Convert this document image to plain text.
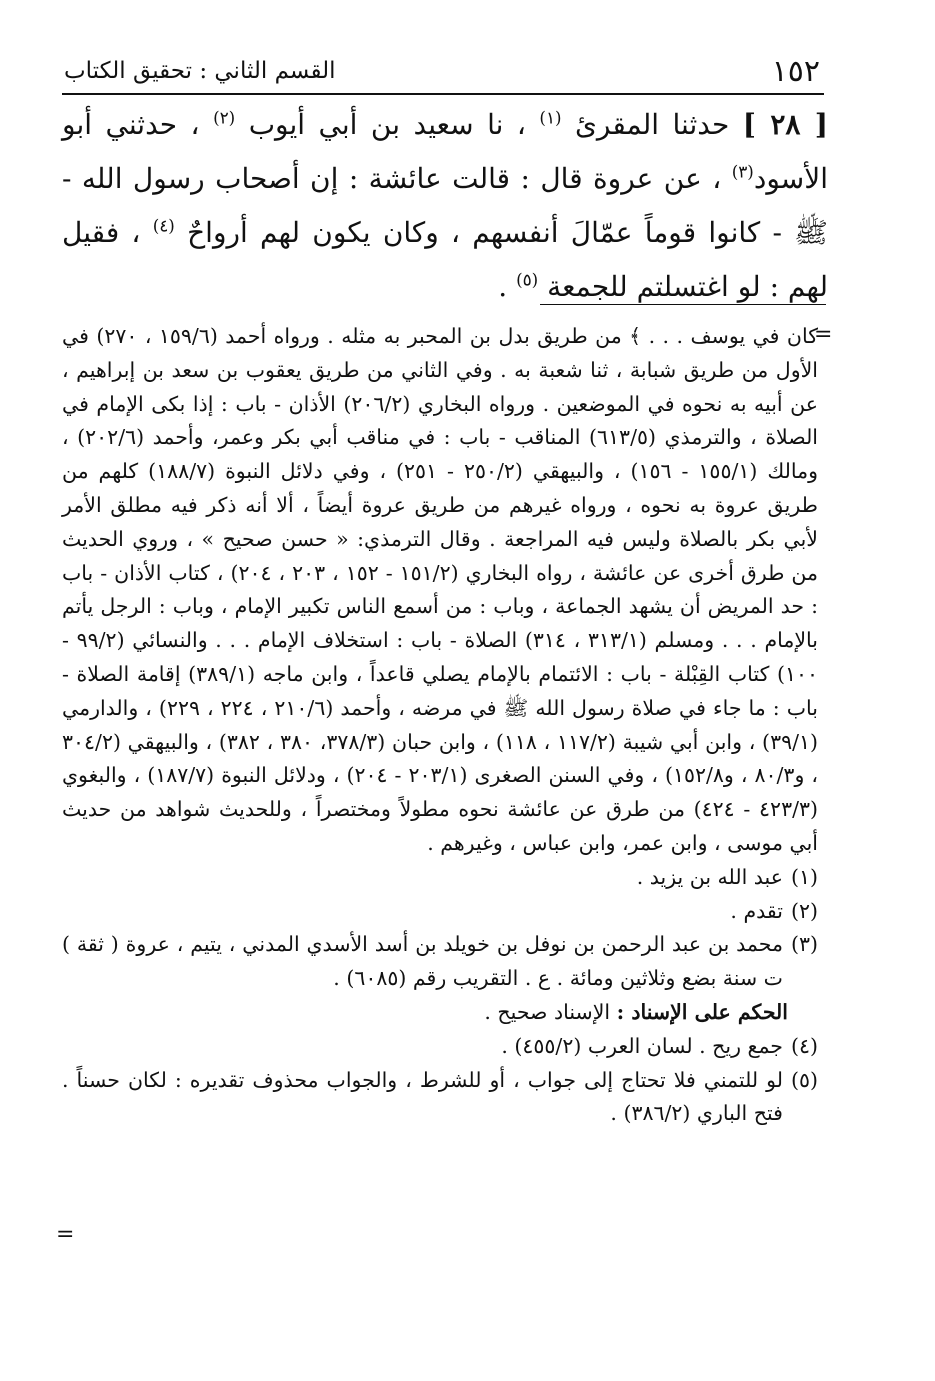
١٥٢
القسم الثاني : تحقيق الكتاب
[ ٢٨ ] حدثنا المقرئ $^{(١)}$ ، نا سعيد بن أبي أيوب $^{(٢)}$ ، حدثني أبو الأسود$^{(٣)}$ ، عن عروة قال : قالت عائشة : إن أصحاب رسول الله - ﷺ - كانوا قوماً عمّالَ أنفسهم ، وكان يكون لهم أرواحٌ $^{(٤)}$ ، فقيل لهم : لو اغتسلتم للجمعة $^{(٥)}$ .
=

كان في يوسف . . . ﴾ من طريق بدل بن المحبر به مثله . ورواه أحمد (١٥٩/٦ ، ٢٧٠) في الأول من طريق شبابة ، ثنا شعبة به . وفي الثاني من طريق يعقوب بن سعد بن إبراهيم ، عن أبيه به نحوه في الموضعين . ورواه البخاري (٢٠٦/٢) الأذان - باب : إذا بكى الإمام في الصلاة ، والترمذي (٦١٣/٥) المناقب - باب : في مناقب أبي بكر وعمر، وأحمد (٢٠٢/٦) ، ومالك (١٥٥/١ - ١٥٦) ، والبيهقي (٢٥٠/٢ - ٢٥١) ، وفي دلائل النبوة (١٨٨/٧) كلهم من طريق عروة به نحوه ، ورواه غيرهم من طريق عروة أيضاً ، ألا أنه ذكر فيه مطلق الأمر لأبي بكر بالصلاة وليس فيه المراجعة . وقال الترمذي: « حسن صحيح » ، وروي الحديث من طرق أخرى عن عائشة ، رواه البخاري (١٥١/٢ - ١٥٢ ، ٢٠٣ ، ٢٠٤) ، كتاب الأذان - باب : حد المريض أن يشهد الجماعة ، وباب : من أسمع الناس تكبير الإمام ، وباب : الرجل يأتم بالإمام . . . ومسلم (٣١٣/١ ، ٣١٤) الصلاة - باب : استخلاف الإمام . . . والنسائي (٩٩/٢ - ١٠٠) كتاب القِبْلة - باب : الائتمام بالإمام يصلي قاعداً ، وابن ماجه (٣٨٩/١) إقامة الصلاة - باب : ما جاء في صلاة رسول الله ﷺ في مرضه ، وأحمد (٢١٠/٦ ، ٢٢٤ ، ٢٢٩) ، والدارمي (٣٩/١) ، وابن أبي شيبة (١١٧/٢ ، ١١٨) ، وابن حبان (٣٧٨/٣، ٣٨٠ ، ٣٨٢) ، والبيهقي (٣٠٤/٢ ، و٨٠/٣ ، و١٥٢/٨) ، وفي السنن الصغرى (٢٠٣/١ - ٢٠٤) ، ودلائل النبوة (١٨٧/٧) ، والبغوي (٤٢٣/٣ - ٤٢٤) من طرق عن عائشة نحوه مطولاً ومختصراً ، وللحديث شواهد من حديث أبي موسى ، وابن عمر، وابن عباس ، وغيرهم .

(١)
عبد الله بن يزيد .
(٢)
تقدم .
(٣)
محمد بن عبد الرحمن بن نوفل بن خويلد بن أسد الأسدي المدني ، يتيم ، عروة ( ثقة ) ت سنة بضع وثلاثين ومائة . ع . التقريب رقم (٦٠٨٥) .

الحكم على الإسناد : الإسناد صحيح .

(٤)
جمع ريح . لسان العرب (٤٥٥/٢) .
(٥)
لو للتمني فلا تحتاج إلى جواب ، أو للشرط ، والجواب محذوف تقديره : لكان حسناً . فتح الباري (٣٨٦/٢) .
=
